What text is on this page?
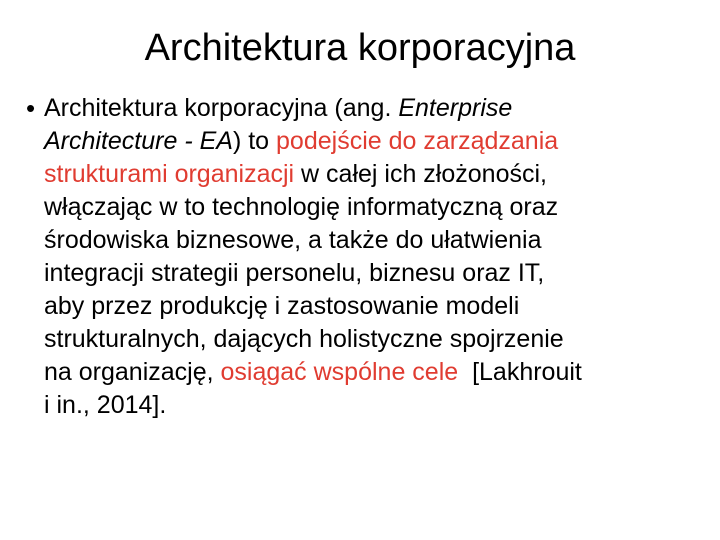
Architektura korporacyjna
• Architektura korporacyjna (ang. Enterprise
Architecture - EA) to podejście do zarządzania
strukturami organizacji w całej ich złożoności,
włączając w to technologię informatyczną oraz
środowiska biznesowe, a także do ułatwienia
integracji strategii personelu, biznesu oraz IT,
aby przez produkcję i zastosowanie modeli
strukturalnych, dających holistyczne spojrzenie
na organizację, osiągać wspólne cele  [Lakhrouit
i in., 2014].
